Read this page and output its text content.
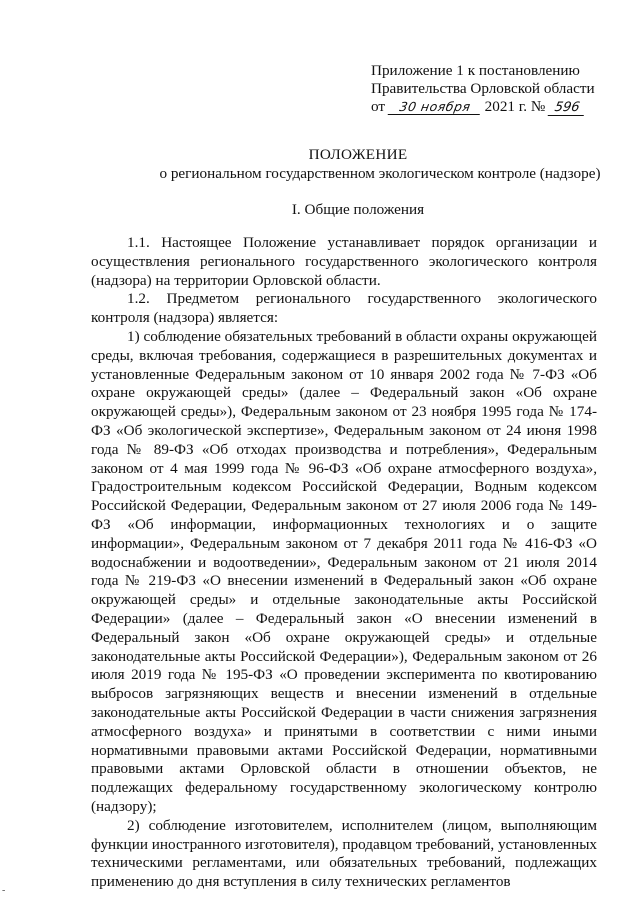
Приложение 1 к постановлению
Правительства Орловской области
от 30 ноября 2021 г. № 596
ПОЛОЖЕНИЕ
о региональном государственном экологическом контроле (надзоре)
I. Общие положения

1.1. Настоящее Положение устанавливает порядок организации и осуществления регионального государственного экологического контроля (надзора) на территории Орловской области.

1.2. Предметом регионального государственного экологического контроля (надзора) является:

1) соблюдение обязательных требований в области охраны окружающей среды, включая требования, содержащиеся в разрешительных документах и установленные Федеральным законом от 10 января 2002 года № 7-ФЗ «Об охране окружающей среды» (далее – Федеральный закон «Об охране окружающей среды»), Федеральным законом от 23 ноября 1995 года № 174-ФЗ «Об экологической экспертизе», Федеральным законом от 24 июня 1998 года № 89-ФЗ «Об отходах производства и потребления», Федеральным законом от 4 мая 1999 года № 96-ФЗ «Об охране атмосферного воздуха», Градостроительным кодексом Российской Федерации, Водным кодексом Российской Федерации, Федеральным законом от 27 июля 2006 года № 149-ФЗ «Об информации, информационных технологиях и о защите информации», Федеральным законом от 7 декабря 2011 года № 416-ФЗ «О водоснабжении и водоотведении», Федеральным законом от 21 июля 2014 года № 219-ФЗ «О внесении изменений в Федеральный закон «Об охране окружающей среды» и отдельные законодательные акты Российской Федерации» (далее – Федеральный закон «О внесении изменений в Федеральный закон «Об охране окружающей среды» и отдельные законодательные акты Российской Федерации»), Федеральным законом от 26 июля 2019 года № 195-ФЗ «О проведении эксперимента по квотированию выбросов загрязняющих веществ и внесении изменений в отдельные законодательные акты Российской Федерации в части снижения загрязнения атмосферного воздуха» и принятыми в соответствии с ними иными нормативными правовыми актами Российской Федерации, нормативными правовыми актами Орловской области в отношении объектов, не подлежащих федеральному государственному экологическому контролю (надзору);

2) соблюдение изготовителем, исполнителем (лицом, выполняющим функции иностранного изготовителя), продавцом требований, установленных техническими регламентами, или обязательных требований, подлежащих применению до дня вступления в силу технических регламентов

-
